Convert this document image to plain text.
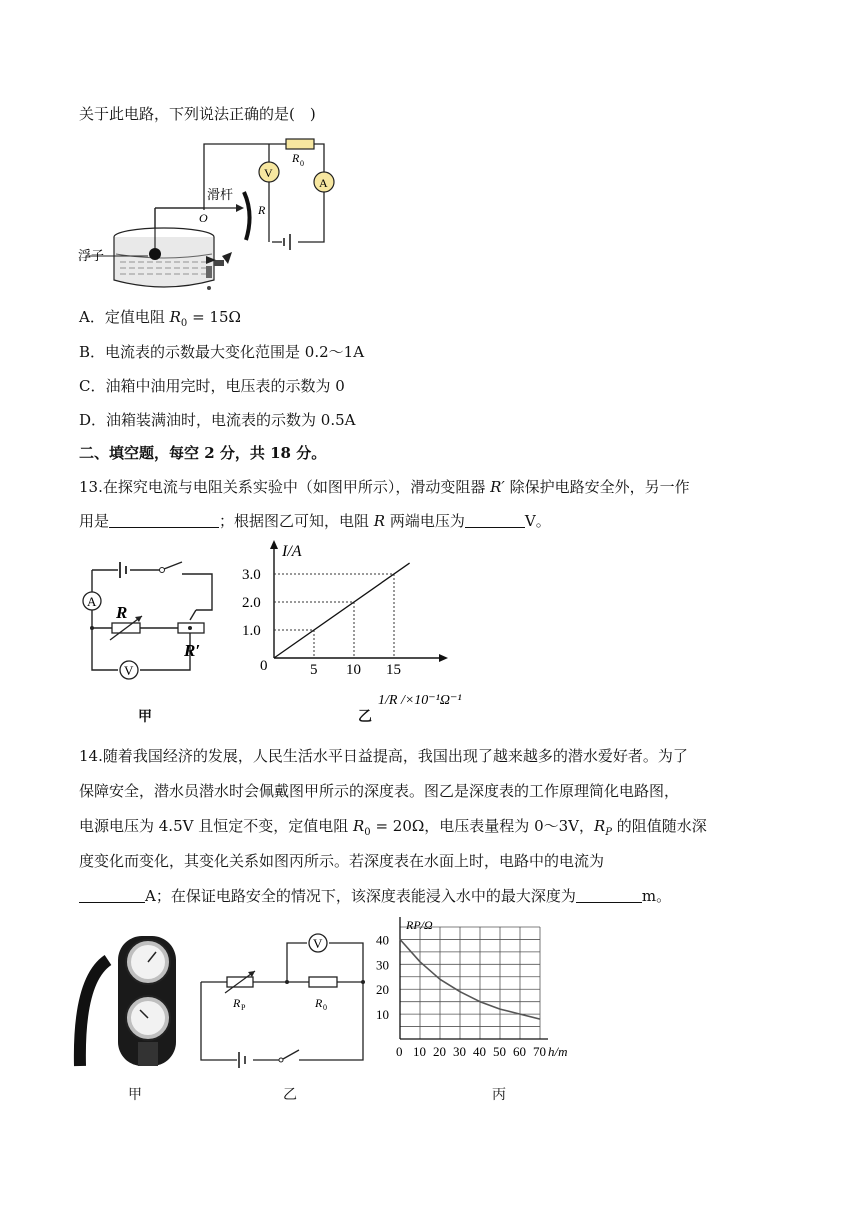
关于此电路，下列说法正确的是(　)
R 0
V
A
R
滑杆
O
浮子
A．定值电阻 $R_0 = 15\Omega$
B．电流表的示数最大变化范围是 0.2～1A
C．油箱中油用完时，电压表的示数为 0
D．油箱装满油时，电流表的示数为 0.5A
二、填空题，每空 2 分，共 18 分。
13.在探究电流与电阻关系实验中（如图甲所示），滑动变阻器 R′ 除保护电路安全外，另一作
用是	；根据图乙可知，电阻 R 两端电压为	V。
A
R
R′
V
甲
I/A
0	5 10 15
1.0
2.0
3.0
1/R /×10⁻¹Ω⁻¹
乙
14.随着我国经济的发展，人民生活水平日益提高，我国出现了越来越多的潜水爱好者。为了
保障安全，潜水员潜水时会佩戴图甲所示的深度表。图乙是深度表的工作原理简化电路图，
电源电压为 4.5V 且恒定不变，定值电阻 $R_0 = 20\Omega$，电压表量程为 0～3V，$R_P$ 的阻值随水深
度变化而变化，其变化关系如图丙所示。若深度表在水面上时，电路中的电流为
A；在保证电路安全的情况下，该深度表能浸入水中的最大深度为	m。
甲
R P	R 0
V
乙
RP/Ω
10
20
30
40
0 10 20 30 40 50 60 70 h/m
丙
